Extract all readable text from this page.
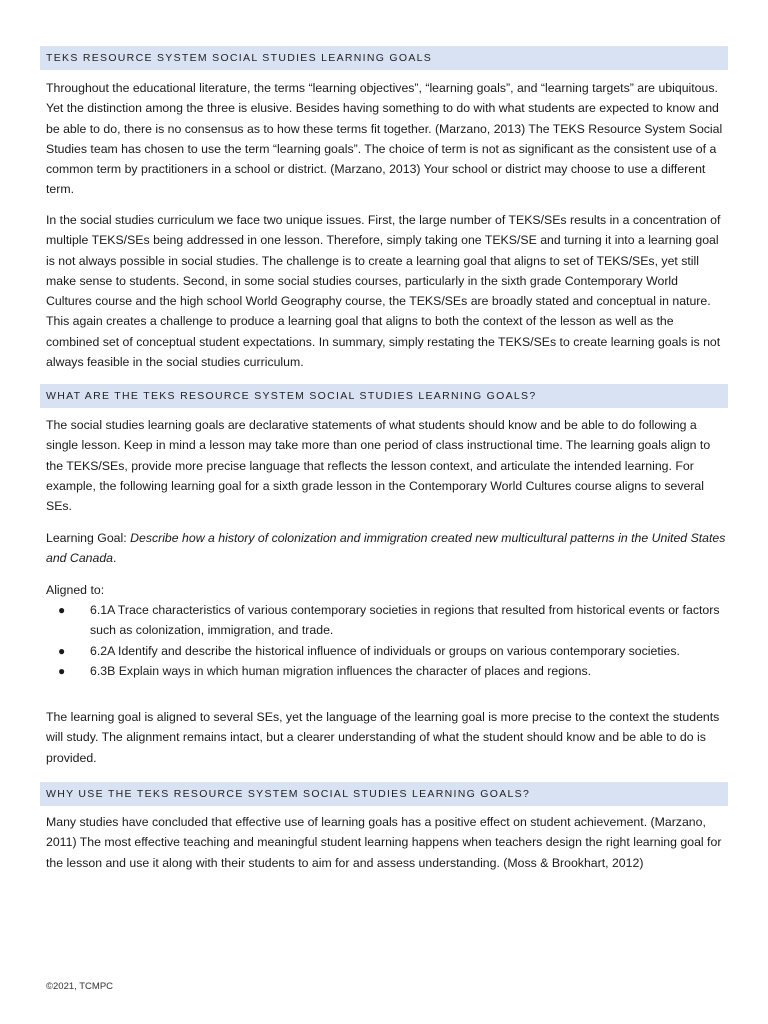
TEKS RESOURCE SYSTEM SOCIAL STUDIES LEARNING GOALS

Throughout the educational literature, the terms “learning objectives”, “learning goals”, and “learning targets” are ubiquitous. Yet the distinction among the three is elusive. Besides having something to do with what students are expected to know and be able to do, there is no consensus as to how these terms fit together. (Marzano, 2013) The TEKS Resource System Social Studies team has chosen to use the term “learning goals”. The choice of term is not as significant as the consistent use of a common term by practitioners in a school or district. (Marzano, 2013) Your school or district may choose to use a different term.

In the social studies curriculum we face two unique issues. First, the large number of TEKS/SEs results in a concentration of multiple TEKS/SEs being addressed in one lesson. Therefore, simply taking one TEKS/SE and turning it into a learning goal is not always possible in social studies. The challenge is to create a learning goal that aligns to set of TEKS/SEs, yet still make sense to students. Second, in some social studies courses, particularly in the sixth grade Contemporary World Cultures course and the high school World Geography course, the TEKS/SEs are broadly stated and conceptual in nature. This again creates a challenge to produce a learning goal that aligns to both the context of the lesson as well as the combined set of conceptual student expectations. In summary, simply restating the TEKS/SEs to create learning goals is not always feasible in the social studies curriculum.

WHAT ARE THE TEKS RESOURCE SYSTEM SOCIAL STUDIES LEARNING GOALS?

The social studies learning goals are declarative statements of what students should know and be able to do following a single lesson. Keep in mind a lesson may take more than one period of class instructional time. The learning goals align to the TEKS/SEs, provide more precise language that reflects the lesson context, and articulate the intended learning. For example, the following learning goal for a sixth grade lesson in the Contemporary World Cultures course aligns to several SEs.

Learning Goal: Describe how a history of colonization and immigration created new multicultural patterns in the United States and Canada.

Aligned to:
● 6.1A Trace characteristics of various contemporary societies in regions that resulted from historical events or factors such as colonization, immigration, and trade.
● 6.2A Identify and describe the historical influence of individuals or groups on various contemporary societies.
● 6.3B Explain ways in which human migration influences the character of places and regions.

The learning goal is aligned to several SEs, yet the language of the learning goal is more precise to the context the students will study. The alignment remains intact, but a clearer understanding of what the student should know and be able to do is provided.

WHY USE THE TEKS RESOURCE SYSTEM SOCIAL STUDIES LEARNING GOALS?

Many studies have concluded that effective use of learning goals has a positive effect on student achievement. (Marzano, 2011) The most effective teaching and meaningful student learning happens when teachers design the right learning goal for the lesson and use it along with their students to aim for and assess understanding. (Moss & Brookhart, 2012)

©2021, TCMPC
